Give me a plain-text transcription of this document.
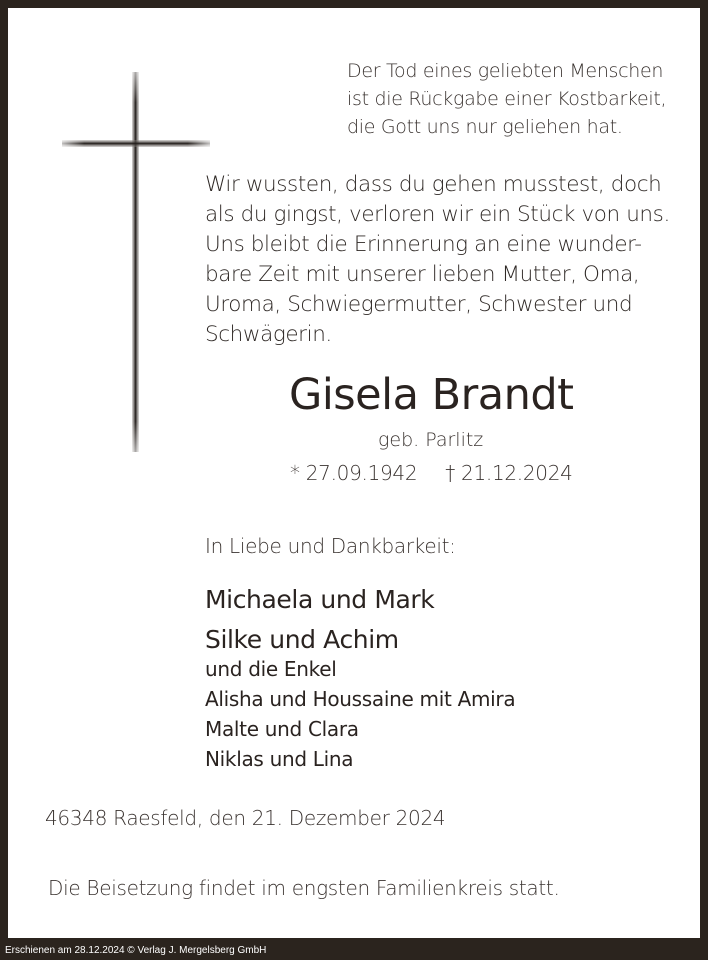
Der Tod eines geliebten Menschen
ist die Rückgabe einer Kostbarkeit,
die Gott uns nur geliehen hat.
Wir wussten, dass du gehen musstest, doch
als du gingst, verloren wir ein Stück von uns.
Uns bleibt die Erinnerung an eine wunder-
bare Zeit mit unserer lieben Mutter, Oma,
Uroma, Schwiegermutter, Schwester und
Schwägerin.
Gisela Brandt
geb. Parlitz
* 27.09.1942 † 21.12.2024
In Liebe und Dankbarkeit:
Michaela und Mark
Silke und Achim
und die Enkel
Alisha und Houssaine mit Amira
Malte und Clara
Niklas und Lina
46348 Raesfeld, den 21. Dezember 2024
Die Beisetzung findet im engsten Familienkreis statt.
Erschienen am 28.12.2024 © Verlag J. Mergelsberg GmbH
